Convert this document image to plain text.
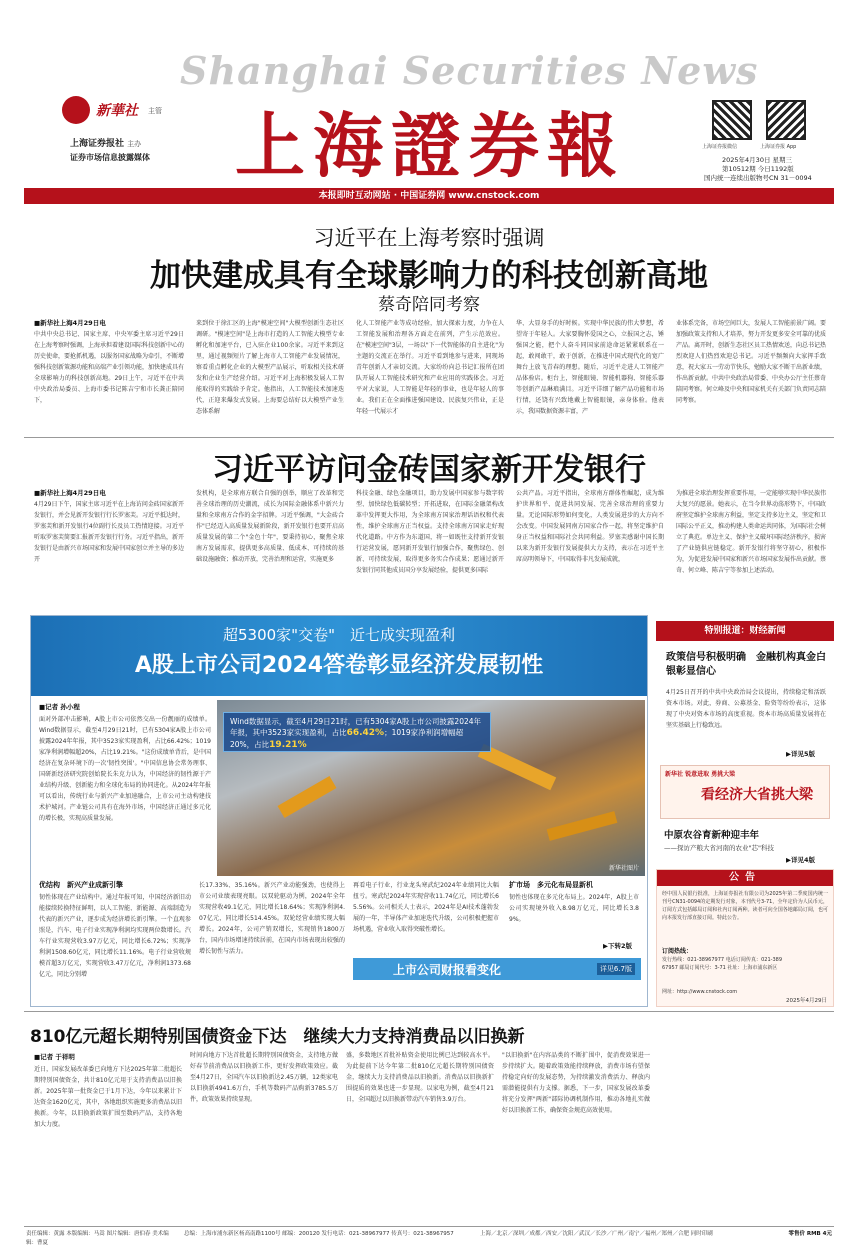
Shanghai Securities News
上海證券報
新華社 主管
上海证券报社 主办
证券市场信息披露媒体
上海证券报微信	上海证券报 App
2025年4月30日 星期三
第10512期 今日1192版
国内统一连续出版物号CN 31－0094
本报即时互动网站 · 中国证券网 www.cnstock.com
习近平在上海考察时强调
加快建成具有全球影响力的科技创新高地
蔡奇陪同考察
■新华社上海4月29日电
中共中央总书记、国家主席、中央军委主席习近平29日在上海考察时强调，上海承担着建设国际科技创新中心的历史使命，要抢抓机遇，以服务国家战略为牵引，不断增强科技创新策源功能和高端产业引领功能，加快建成具有全球影响力的科技创新高地。29日上午，习近平在中共中央政治局委员、上海市委书记陈吉宁和市长龚正陪同下，
来到位于徐汇区的上海"模速空间"大模型创新生态社区调研。"模速空间"是上海市打造的人工智能大模型专业孵化和加速平台，已入驻企业100余家。习近平来到这里，通过视频短片了解上海市人工智能产业发展情况，察看重点孵化企业的大模型产品展示，听取相关技术研发和企业生产经营介绍。习近平对上海积极发展人工智能取得的实践给予肯定。他指出，人工智能技术加速迭代，正迎来爆发式发展。上海要总结好以大模型产业生态体系解
化人工智能产业等成功经验，加大探索力度，力争在人工智能发展和治理各方面走在前列，产生示范效应。在"模速空间"3层，一场以"下一代智能体的自主进化"为主题的交流正在举行。习近平看到地参与进来，同现场青年创新人才亲切交流。大家纷纷向总书记汇报所在团队开展人工智能技术研究和产业应用的实践体会。习近平对大家说，人工智能是年轻的事业，也是年轻人的事业。我们正在全面推进强国建设、民族复兴伟业，正是年轻一代展示才
华、大显身手的好时候。实现中华民族的伟大梦想，希望寄于年轻人。大家要胸怀爱国之心，立报国之志，锤强国之能，把个人奋斗同国家前途命运紧紧联系在一起，敢闯敢干，敢于创新，在推进中国式现代化的宽广舞台上放飞青春的理想。随后，习近平走进人工智能产品体验店。柜台上，智能眼镜、智能机器狗、智能乐器等创新产品琳琅满目。习近平详细了解产品功能和市场行情，还饶有兴致地戴上智能眼镜，亲身体验。他表示，我国数据资源丰富，产
业体系完备，市场空间巨大，发展人工智能前景广阔。要加强政策支持和人才培养，努力开发更多安全可靠的优质产品。离开时，创新生态社区员工热情欢送，向总书记热烈欢迎人们热烈欢迎总书记。习近平频频向大家挥手致意，祝大家五一劳动节快乐，勉励大家不断干出新业绩，作出新贡献。中共中央政治局常委、中央办公厅主任蔡奇陪同考察。何立峰及中央和国家机关有关部门负责同志陪同考察。
习近平访问金砖国家新开发银行
■新华社上海4月29日电
4月29日下午，国家主席习近平在上海访问金砖国家新开发银行，并会见新开发银行行长罗塞芙。习近平抵达时，罗塞芙和新开发银行4位副行长及员工热情迎接。习近平听取罗塞芙简要汇报新开发银行行务。习近平指出，新开发银行是由新兴市场国家和发展中国家创立并主导的多边开
发机构，是全球南方联合自强的创举，顺应了改革和完善全球治理的历史潮流，成长为国际金融体系中新兴力量和全球南方合作的金字招牌。习近平强调，"大金砖合作"已经迈入高质量发展新阶段，新开发银行也要开启高质量发展的第二个"金色十年"，要秉持初心，聚焦全球南方发展需求，提供更多高质量、低成本、可持续的基础设施融资；推动开放，完善治理和运营，实施更多
科技金融、绿色金融项目，助力发展中国家参与数字转型、加快绿色低碳转型；开拓进取，在国际金融架构改革中发挥更大作用，为全球南方国家治理话语权和代表性，维护全球南方正当权益。支持全球南方国家走好现代化道路。中方作为东道国，将一如既往支持新开发银行运营发展，愿同新开发银行加强合作，聚焦绿色、创新、可持续发展，取得更多务实合作成果；愿通过新开发银行同其他成员国分享发展经验，提供更多国际
公共产品。习近平指出，全球南方群体性崛起，成为维护世界和平、促进共同发展、完善全球治理的重要力量。无论国际形势如何变化，人类发展进步的大方向不会改变。中国发展同南方国家合作一起，将坚定维护自身正当权益和国际社会共同利益。罗塞芙感谢中国长期以来为新开发银行发展提供大力支持，表示在习近平主席高明领导下，中国取得非凡发展成就，
为推进全球治理发挥重要作用，一定能够实现中华民族伟大复兴的愿景。她表示，在当今世界动荡形势下，中国政府坚定维护全球南方利益，坚定支持多边主义，坚定和卫国际公平正义，推动构建人类命运共同体，为国际社会树立了典范。单边主义、保护主义破坏国际经济秩序，损害了产业链供应链稳定。新开发银行将坚守初心，积极作为，为促进发展中国家和新兴市场国家发展作出贡献。蔡奇、何立峰、陈吉宁等参加上述活动。
超5300家"交卷"　近七成实现盈利
A股上市公司2024答卷彰显经济发展韧性
新华社图片
Wind数据显示，截至4月29日21时，已有5304家A股上市公司披露2024年年报，其中3523家实现盈利，占比66.42%；1019家净利润增幅超20%，占比19.21%
■记者 孙小程
面对外部冲击影响，A股上市公司依然交出一份靓丽的成绩单。Wind数据显示，截至4月29日21时，已有5304家A股上市公司披露2024年年报，其中3523家实现盈利，占比66.42%；1019家净利润增幅超20%，占比19.21%。"这份成绩单背后，是中国经济在复杂环境下的一次'韧性突围'。"中国信息协会常务理事、国研新经济研究院创始院长朱克力认为，中国经济的韧性源于产业结构升级、创新能力和全球化布局的协同进化。从2024年年报可以看出，传统行业与新兴产业加速融合，上市公司主动构建技术护城河。产业链公司具有在海外市场，中国经济正通过多元化的增长极，实现高质量发展。
优结构　新兴产业成新引擎
韧性体现在产业结构中。通过年报可知，中国经济新旧动能接续转换特征鲜明，以人工智能、新能源、高端制造为代表的新兴产业，逐步成为经济增长新引擎。一个直观参照是，汽车、电子行业实现净利润均实现两位数增长。汽车行业实现营收3.97万亿元，同比增长6.72%；实现净利润1508.60亿元，同比增长11.16%。电子行业营收规模首超3万亿元，实现营收3.47万亿元，净利润1373.68亿元，同比分别增
长17.33%、35.16%。新兴产业动能强劲，也使得上市公司业绩表现亮眼。以双轮驱动为例，2024年全年实现营收49.1亿元，同比增长18.64%；实现净利润4.07亿元，同比增长514.45%。双轮经营业绩实现大幅增长。2024年，公司产销双增长，实现销售1800万台，国内市场增速持续居前，在国内市场表现出较强的增长韧性与活力。
再看电子行业，行业龙头寒武纪2024年业绩同比大幅扭亏。寒武纪2024年实现营收11.74亿元，同比增长65.56%。公司相关人士表示，2024年是AI技术蓬勃发展的一年，半导体产业加速迭代升级，公司积极把握市场机遇，营业收入取得突破性增长。
扩市场　多元化布局显新机
韧性也体现在多元化布局上。2024年，A股上市公司实现境外收入8.98万亿元，同比增长3.89%。
▶下转2版
上市公司财报看变化	详见6.7版
特别报道：财经新闻
政策信号积极明确　金融机构真金白银彰显信心
4月25日召开的中共中央政治局会议提出，持续稳定和活跃资本市场。对此，券商、公募基金、险资等纷纷表示，这体现了中央对资本市场的高度重视。资本市场高质量发展将在坚实基础上行稳致远。
▶详见5版
新华社 锐意进取 勇挑大梁
看经济大省挑大梁
中原农谷育新种迎丰年
——探访产粮大省河南的农业"芯"科技
▶详见4版
公告
经中国人民银行批准，上海证券报社有限公司为2025年第二季度国内统一刊号CN31-0094的定期发行对象，本刊代号3-71，全年定价为人民币元，订阅方式包括邮局订阅和社内订阅两种。读者可向全国各地邮局订阅，也可向本报发行部直接订阅。特此公告。
订阅热线：
发行热线：021-38967977 电话订阅传真：021-38967957 邮局订阅代号：3-71 社址：上海市浦东新区
网址：http://www.cnstock.com
2025年4月29日
810亿元超长期特别国债资金下达　继续大力支持消费品以旧换新
■记者 于祥明
近日，国家发展改革委已向地方下达2025年第二批超长期特别国债资金，共计810亿元用于支持消费品以旧换新。2025年第一批资金已于1月下达，今年以来累计下达资金1620亿元，其中，各地组织实施更多消费品以旧换新。今年，以旧换新政策扩围至数码产品，支持各地加大力度。
时间向地方下达首批超长期特别国债资金，支持地方做好春节前消费品以旧换新工作，更好发挥政策效应。截至4月27日，全国汽车以旧换新达2.45万辆，12类家电以旧换新4941.6万台，手机等数码产品购新3785.5万件，政策效果持续显现。
盛，多数地区首批补贴资金使用比例已达到较高水平。为此提前下达今年第二批810亿元超长期特别国债资金，继续大力支持消费品以旧换新。消费品以旧换新扩围提质的效果也进一步显现。以家电为例，截至4月21日，全国超过以旧换新带动汽车销售3.9万台。
"以旧换新"在内容品类的不断扩围中，促消费效果进一步持续扩大。随着政策效能持续释放，消费市场有望保持稳定向好的发展态势，为持续激发消费活力、释放内需潜能提供有力支撑。据悉，下一步，国家发展改革委将充分发挥"两新"部际协调机制作用，推动各地扎实做好以旧换新工作，确保资金规范高效使用。
责任编辑：黄露 本版编辑：马嵩 图片编辑：唐伯春 美术编辑：曹夏
总编：上海市浦东新区杨高南路1100号 邮编：200120 发行电话：021-38967977 传真号：021-38967957	上海／北京／深圳／成都／西安／沈阳／武汉／长沙／广州／南宁／福州／郑州／合肥 同时印刷	零售价 RMB 4元
